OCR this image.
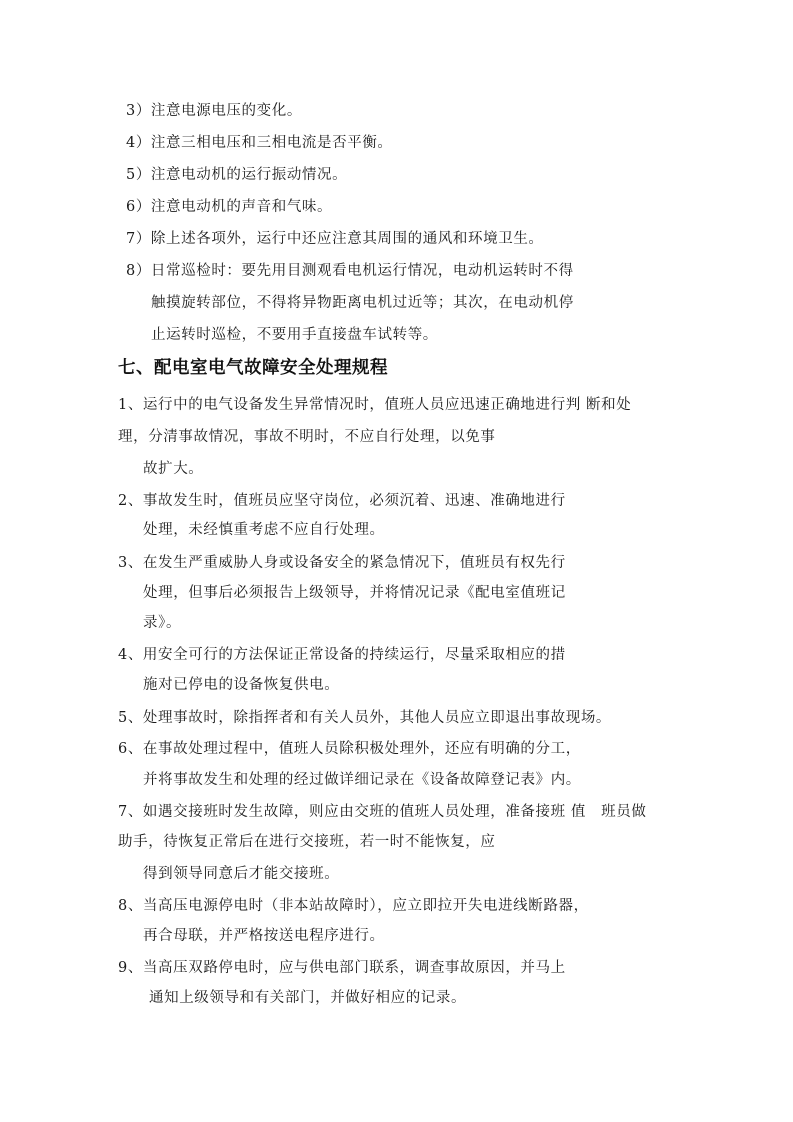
3）注意电源电压的变化。
4）注意三相电压和三相电流是否平衡。
5）注意电动机的运行振动情况。
6）注意电动机的声音和气味。
7）除上述各项外，运行中还应注意其周围的通风和环境卫生。
8）日常巡检时：要先用目测观看电机运行情况，电动机运转时不得
触摸旋转部位，不得将异物距离电机过近等；其次，在电动机停
止运转时巡检，不要用手直接盘车试转等。
七、配电室电气故障安全处理规程
1、运行中的电气设备发生异常情况时，值班人员应迅速正确地进行判 断和处
理，分清事故情况，事故不明时，不应自行处理，以免事
故扩大。
2、事故发生时，值班员应坚守岗位，必须沉着、迅速、准确地进行
处理，未经慎重考虑不应自行处理。
3、在发生严重威胁人身或设备安全的紧急情况下，值班员有权先行
处理，但事后必须报告上级领导，并将情况记录《配电室值班记
录》。
4、用安全可行的方法保证正常设备的持续运行，尽量采取相应的措
施对已停电的设备恢复供电。
5、处理事故时，除指挥者和有关人员外，其他人员应立即退出事故现场。
6、在事故处理过程中，值班人员除积极处理外，还应有明确的分工，
并将事故发生和处理的经过做详细记录在《设备故障登记表》内。
7、如遇交接班时发生故障，则应由交班的值班人员处理，准备接班 值　班员做
助手，待恢复正常后在进行交接班，若一时不能恢复，应
得到领导同意后才能交接班。
8、当高压电源停电时（非本站故障时），应立即拉开失电进线断路器，
再合母联，并严格按送电程序进行。
9、当高压双路停电时，应与供电部门联系，调查事故原因，并马上
通知上级领导和有关部门，并做好相应的记录。
